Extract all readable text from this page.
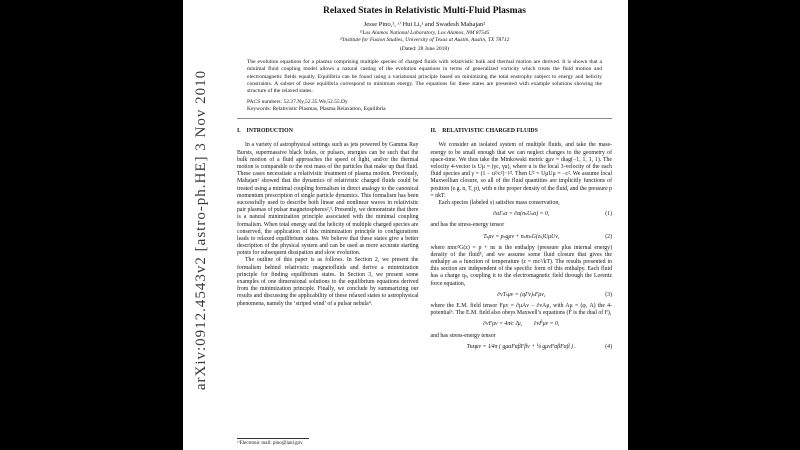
arXiv:0912.4543v2 [astro-ph.HE] 3 Nov 2010
Relaxed States in Relativistic Multi-Fluid Plasmas
Jesse Pino,¹, ᵃ⁾ Hui Li,¹ and Swadesh Mahajan²
¹⁾Los Alamos National Laboratory, Los Alamos, NM 87545
²⁾Institute for Fusion Studies, University of Texas at Austin, Austin, TX 78712
(Dated: 28 June 2018)

The evolution equations for a plasma comprising multiple species of charged fluids with relativistic bulk and thermal motion are derived. It is shown that a minimal fluid coupling model allows a natural casting of the evolution equations in terms of generalized vorticity which treats the fluid motion and electromagnetic fields equally. Equilibria can be found using a variational principle based on minimizing the total enstrophy subject to energy and helicity constraints. A subset of these equilibria correspond to minimum energy. The equations for these states are presented with example solutions showing the structure of the relaxed states.

PACS numbers: 52.27.Ny,52.35.We,52.55.Dy
Keywords: Relativistic Plasmas, Plasma Relaxation, Equilibria
I. INTRODUCTION

In a variety of astrophysical settings such as jets powered by Gamma Ray Bursts, supermassive black holes, or pulsars, energies can be such that the bulk motion of a fluid approaches the speed of light, and/or the thermal motion is comparable to the rest mass of the particles that make up that fluid. These cases necessitate a relativistic treatment of plasma motion. Previously, Mahajan¹ showed that the dynamics of relativistic charged fluids could be treated using a minimal coupling formalism in direct analogy to the canonical momentum prescription of single particle dynamics. This formalism has been successfully used to describe both linear and nonlinear waves in relativistic pair plasmas of pulsar magnetospheres²,³. Presently, we demonstrate that there is a natural minimization principle associated with the minimal coupling formalism. When total energy and the helicity of multiple charged species are conserved, the application of this minimization principle to configurations leads to relaxed equilibrium states. We believe that these states give a better description of the physical system and can be used as more accurate starting points for subsequent dissipation and slow evolution.

The outline of this paper is as follows. In Section 2, we present the formalism behind relativistic magnetofluids and derive a minimization principle for finding equilibrium states. In Section 3, we present some examples of one dimensional solutions to the equilibrium equations derived from the minimization principle. Finally, we conclude by summarizing our results and discussing the applicability of these relaxed states to astrophysical phenomena, namely the ‘striped wind’ of a pulsar nebula⁴.

II. RELATIVISTIC CHARGED FLUIDS

We consider an isolated system of multiple fluids, and take the mass-energy to be small enough that we can neglect changes to the geometry of space-time. We thus take the Minkowski metric gμν = diag(−1, 1, 1, 1). The velocity 4-vector is Uμ = (γc, γu), where u is the local 3-velocity of the each fluid species and γ = (1 − u²/c²)⁻¹⁄². Then U² = UμUμ = −c². We assume local Maxwellian closure, so all of the fluid quantities are implicitly functions of position (e.g. n, T, p), with n the proper density of the fluid, and the pressure p = nkT.

Each species (labeled s) satisfies mass conservation,

∂αΓₛα = ∂α(nₛUₛα) = 0,	(1)

and has the stress-energy tensor

Tₛμν = pₛgμν + nₛmₛG(zₛ)UμUν,	(2)

where nmc²G(z) = p + nε is the enthalpy (pressure plus internal energy) density of the fluid⁵, and we assume some fluid closure that gives the enthalpy as a function of temperature (z = mc²/kT). The results presented in this section are independent of the specific form of this enthalpy. Each fluid has a charge qₛ, coupling it to the electromagnetic field through the Lorentz force equation,

∂νTₛμν = (qΓν)ₛFμν,	(3)

where the E.M. field tensor Fμν = ∂μAν − ∂νAμ, with Aμ = (φ, A) the 4-potential⁶. The E.M. field also obeys Maxwell’s equations (F̃ is the dual of F),

∂νFμν = 4π⁄c Jμ,  ∂νF̃μν = 0,

and has stress-energy tensor

Tᴇᴍμν = 1⁄4π ( gμαFαβFβν + ¼ gμνFαβFαβ ) .	(4)
ᵃ⁾Electronic mail: pino@lanl.gov
